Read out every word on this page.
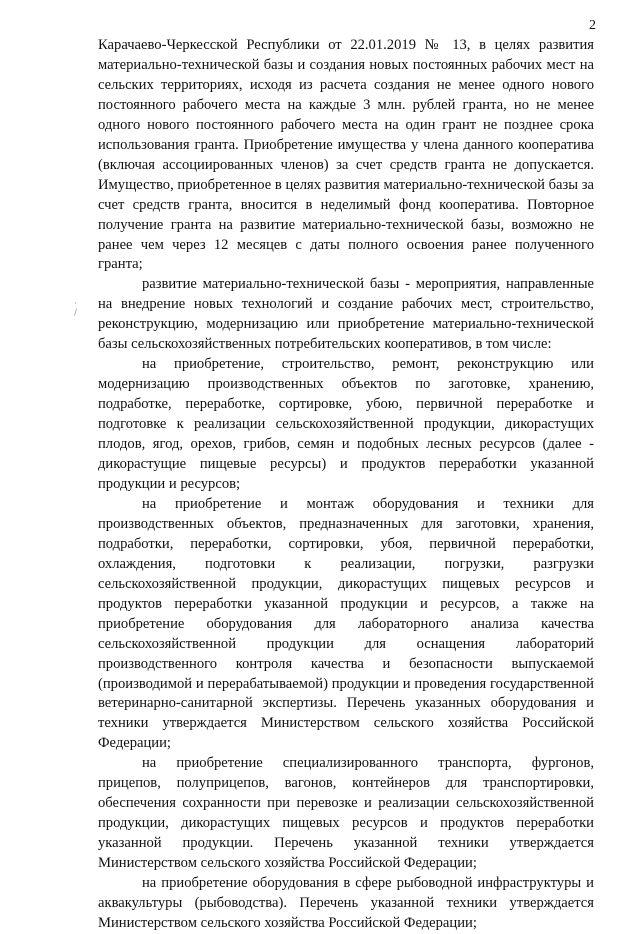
2
·
/

Карачаево-Черкесской Республики от 22.01.2019 № 13, в целях развития материально-технической базы и создания новых постоянных рабочих мест на сельских территориях, исходя из расчета создания не менее одного нового постоянного рабочего места на каждые 3 млн. рублей гранта, но не менее одного нового постоянного рабочего места на один грант не позднее срока использования гранта. Приобретение имущества у члена данного кооператива (включая ассоциированных членов) за счет средств гранта не допускается. Имущество, приобретенное в целях развития материально-технической базы за счет средств гранта, вносится в неделимый фонд кооператива. Повторное получение гранта на развитие материально-технической базы, возможно не ранее чем через 12 месяцев с даты полного освоения ранее полученного гранта;

развитие материально-технической базы - мероприятия, направленные на внедрение новых технологий и создание рабочих мест, строительство, реконструкцию, модернизацию или приобретение материально-технической базы сельскохозяйственных потребительских кооперативов, в том числе:

на приобретение, строительство, ремонт, реконструкцию или модернизацию производственных объектов по заготовке, хранению, подработке, переработке, сортировке, убою, первичной переработке и подготовке к реализации сельскохозяйственной продукции, дикорастущих плодов, ягод, орехов, грибов, семян и подобных лесных ресурсов (далее - дикорастущие пищевые ресурсы) и продуктов переработки указанной продукции и ресурсов;

на приобретение и монтаж оборудования и техники для производственных объектов, предназначенных для заготовки, хранения, подработки, переработки, сортировки, убоя, первичной переработки, охлаждения, подготовки к реализации, погрузки, разгрузки сельскохозяйственной продукции, дикорастущих пищевых ресурсов и продуктов переработки указанной продукции и ресурсов, а также на приобретение оборудования для лабораторного анализа качества сельскохозяйственной продукции для оснащения лабораторий производственного контроля качества и безопасности выпускаемой (производимой и перерабатываемой) продукции и проведения государственной ветеринарно-санитарной экспертизы. Перечень указанных оборудования и техники утверждается Министерством сельского хозяйства Российской Федерации;

на приобретение специализированного транспорта, фургонов, прицепов, полуприцепов, вагонов, контейнеров для транспортировки, обеспечения сохранности при перевозке и реализации сельскохозяйственной продукции, дикорастущих пищевых ресурсов и продуктов переработки указанной продукции. Перечень указанной техники утверждается Министерством сельского хозяйства Российской Федерации;

на приобретение оборудования в сфере рыбоводной инфраструктуры и аквакультуры (рыбоводства). Перечень указанной техники утверждается Министерством сельского хозяйства Российской Федерации;
